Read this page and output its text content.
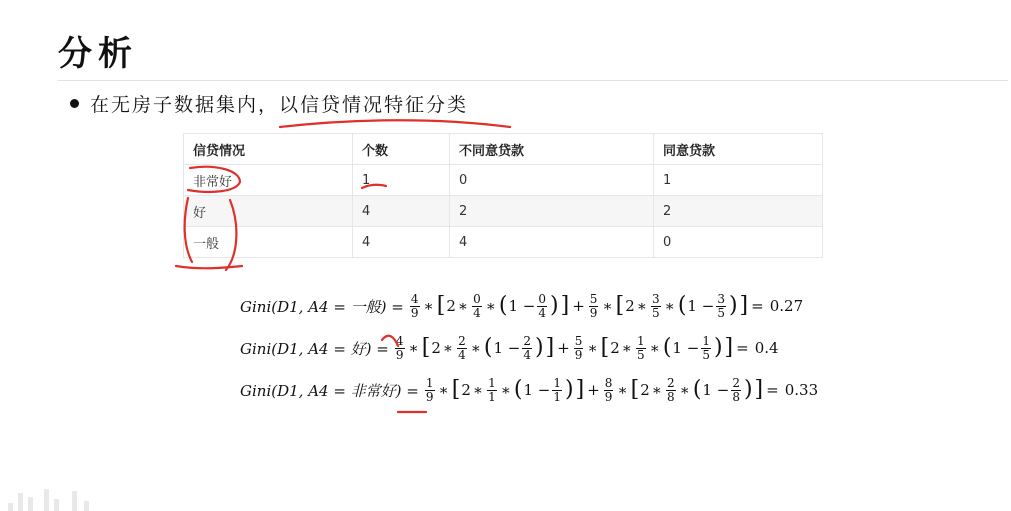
分析
在无房子数据集内，以信贷情况特征分类
信贷情况	个数	不同意贷款	同意贷款
非常好	1	0	1
好	4	2	2
一般	4	4	0
Gini(D1, A4 = 一般) = $\frac{4}{9}$ ∗ [ 2 ∗ $\frac{0}{4}$ ∗ ( $1 - \frac{0}{4}$ ) ] + $\frac{5}{9}$ ∗ [ 2 ∗ $\frac{3}{5}$ ∗ ( $1 - \frac{3}{5}$ ) ] = 0.27
Gini(D1, A4 = 好) = $\frac{4}{9}$ ∗ [ 2 ∗ $\frac{2}{4}$ ∗ ( $1 - \frac{2}{4}$ ) ] + $\frac{5}{9}$ ∗ [ 2 ∗ $\frac{1}{5}$ ∗ ( $1 - \frac{1}{5}$ ) ] = 0.4
Gini(D1, A4 = 非常好) = $\frac{1}{9}$ ∗ [ 2 ∗ $\frac{1}{1}$ ∗ ( $1 - \frac{1}{1}$ ) ] + $\frac{8}{9}$ ∗ [ 2 ∗ $\frac{2}{8}$ ∗ ( $1 - \frac{2}{8}$ ) ] = 0.33
